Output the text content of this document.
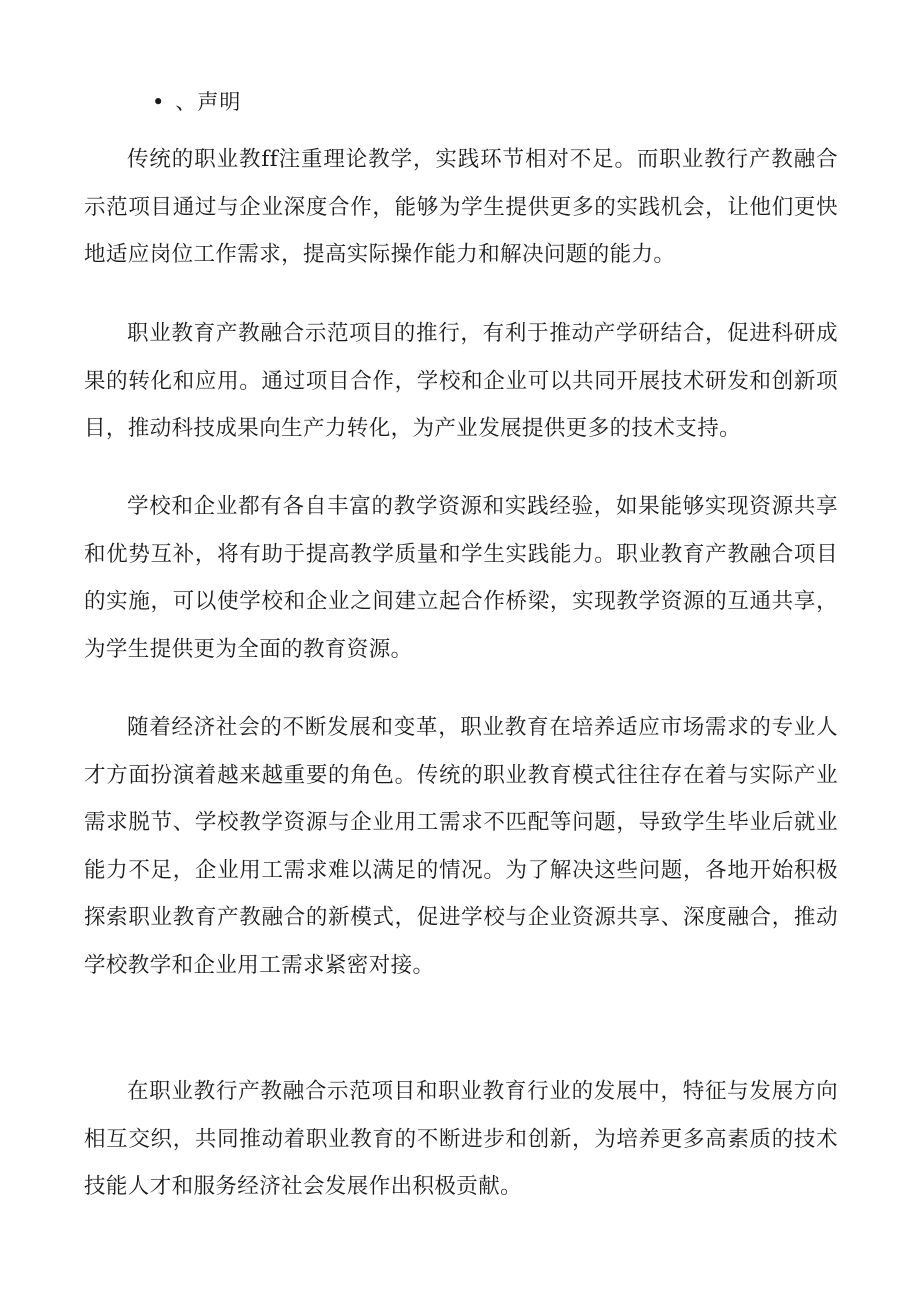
• 、声明

传统的职业教ff注重理论教学，实践环节相对不足。而职业教行产教融合示范项目通过与企业深度合作，能够为学生提供更多的实践机会，让他们更快地适应岗位工作需求，提高实际操作能力和解决问题的能力。

职业教育产教融合示范项目的推行，有利于推动产学研结合，促进科研成果的转化和应用。通过项目合作，学校和企业可以共同开展技术研发和创新项目，推动科技成果向生产力转化，为产业发展提供更多的技术支持。

学校和企业都有各自丰富的教学资源和实践经验，如果能够实现资源共享和优势互补，将有助于提高教学质量和学生实践能力。职业教育产教融合项目的实施，可以使学校和企业之间建立起合作桥梁，实现教学资源的互通共享，为学生提供更为全面的教育资源。

随着经济社会的不断发展和变革，职业教育在培养适应市场需求的专业人才方面扮演着越来越重要的角色。传统的职业教育模式往往存在着与实际产业需求脱节、学校教学资源与企业用工需求不匹配等问题，导致学生毕业后就业能力不足，企业用工需求难以满足的情况。为了解决这些问题，各地开始积极探索职业教育产教融合的新模式，促进学校与企业资源共享、深度融合，推动学校教学和企业用工需求紧密对接。

在职业教行产教融合示范项目和职业教育行业的发展中，特征与发展方向相互交织，共同推动着职业教育的不断进步和创新，为培养更多高素质的技术技能人才和服务经济社会发展作出积极贡献。
